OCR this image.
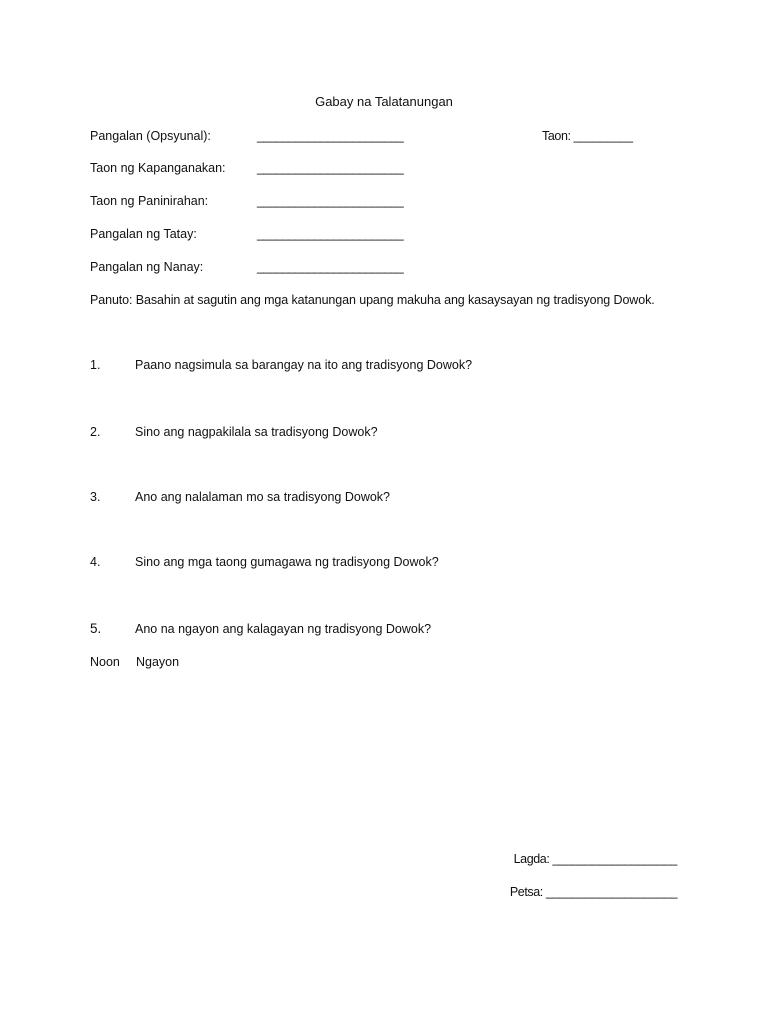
Gabay na Talatanungan
Pangalan (Opsyunal):	_______________________	Taon: _________
Taon ng Kapanganakan:	_______________________
Taon ng Paninirahan:	_______________________
Pangalan ng Tatay:	_______________________
Pangalan ng Nanay:	_______________________
Panuto: Basahin at sagutin ang mga katanungan upang makuha ang kasaysayan ng tradisyong Dowok.
1.	Paano nagsimula sa barangay na ito ang tradisyong Dowok?
2.	Sino ang nagpakilala sa tradisyong Dowok?
3.	Ano ang nalalaman mo sa tradisyong Dowok?
4.	Sino ang mga taong gumagawa ng tradisyong Dowok?
5.	Ano na ngayon ang kalagayan ng tradisyong Dowok?
Noon Ngayon
Lagda: ___________________
Petsa: ____________________
